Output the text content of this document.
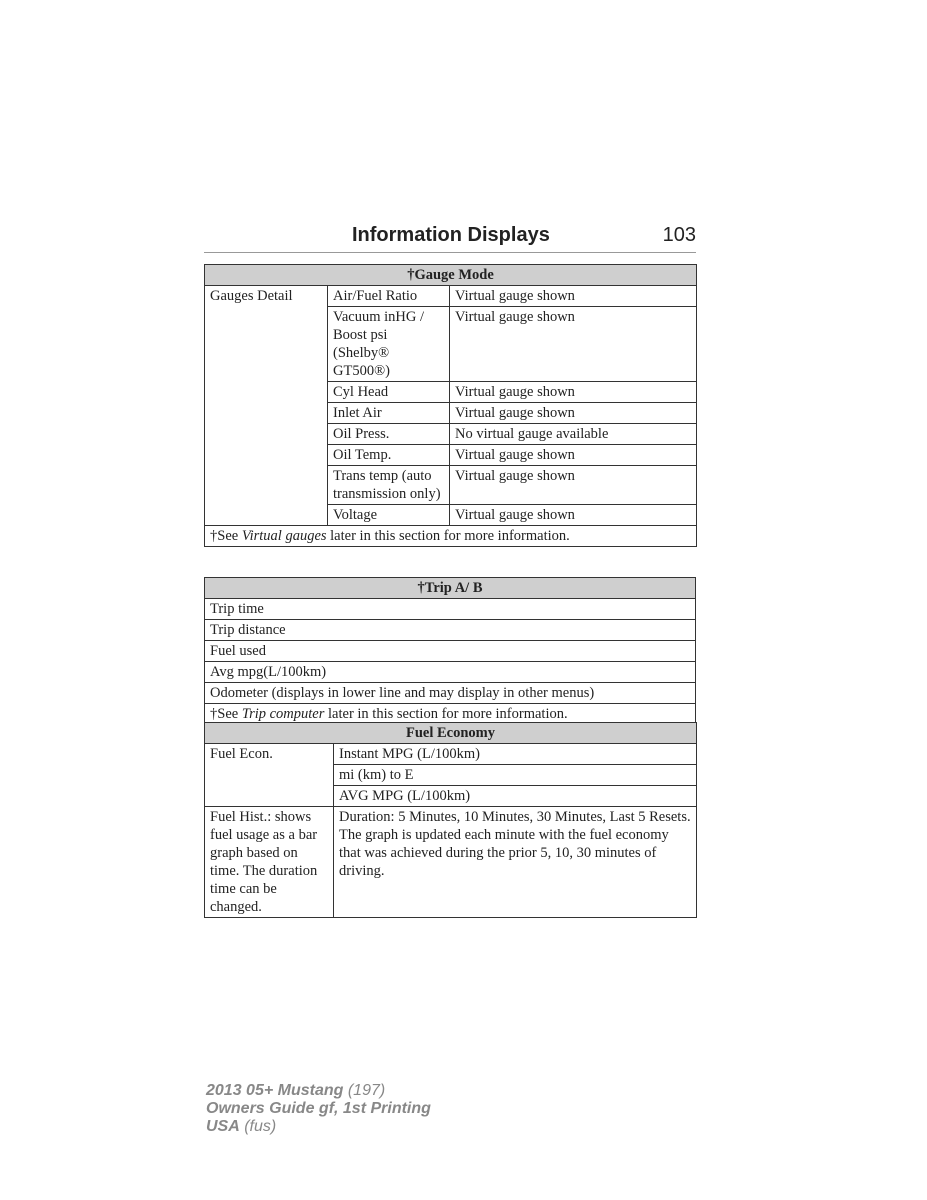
Information Displays	103
†Gauge Mode		
Gauges Detail	Air/Fuel Ratio	Virtual gauge shown
	Vacuum inHG / Boost psi (Shelby® GT500®)	Virtual gauge shown
	Cyl Head	Virtual gauge shown
	Inlet Air	Virtual gauge shown
	Oil Press.	No virtual gauge available
	Oil Temp.	Virtual gauge shown
	Trans temp (auto transmission only)	Virtual gauge shown
	Voltage	Virtual gauge shown
†See Virtual gauges later in this section for more information.		
†Trip A/ B
Trip time
Trip distance
Fuel used
Avg mpg(L/100km)
Odometer (displays in lower line and may display in other menus)
†See Trip computer later in this section for more information.
Fuel Economy	
Fuel Econ.	Instant MPG (L/100km)
	mi (km) to E
	AVG MPG (L/100km)
Fuel Hist.: shows fuel usage as a bar graph based on time. The duration time can be changed.	Duration: 5 Minutes, 10 Minutes, 30 Minutes, Last 5 Resets. The graph is updated each minute with the fuel economy that was achieved during the prior 5, 10, 30 minutes of driving.
2013 05+ Mustang (197)
Owners Guide gf, 1st Printing
USA (fus)
